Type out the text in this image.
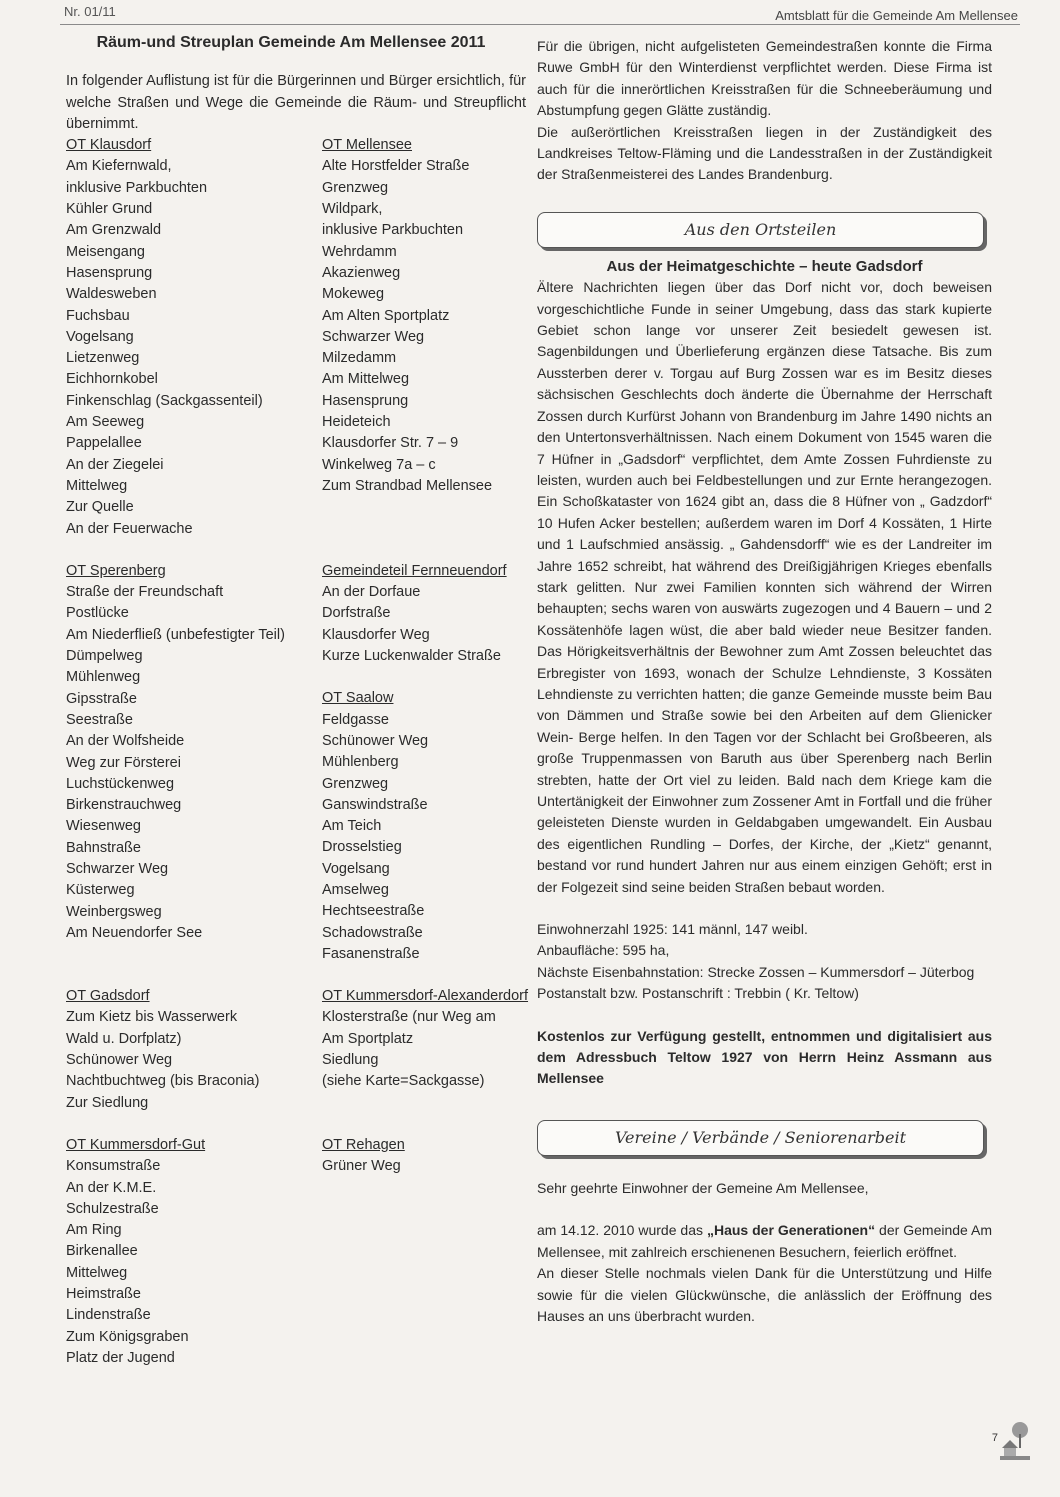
Nr. 01/11	Amtsblatt für die Gemeinde Am Mellensee
Räum-und Streuplan Gemeinde Am Mellensee 2011

In folgender Auflistung ist für die Bürgerinnen und Bürger ersichtlich, für welche Straßen und Wege die Gemeinde die Räum- und Streupflicht übernimmt.

OT Klausdorf
Am Kiefernwald,
inklusive Parkbuchten
Kühler Grund
Am Grenzwald
Meisengang
Hasensprung
Waldesweben
Fuchsbau
Vogelsang
Lietzenweg
Eichhornkobel
Finkenschlag (Sackgassenteil)
Am Seeweg
Pappelallee
An der Ziegelei
Mittelweg
Zur Quelle
An der Feuerwache
OT Mellensee
Alte Horstfelder Straße
Grenzweg
Wildpark,
inklusive Parkbuchten
Wehrdamm
Akazienweg
Mokeweg
Am Alten Sportplatz
Schwarzer Weg
Milzedamm
Am Mittelweg
Hasensprung
Heideteich
Klausdorfer Str. 7 – 9
Winkelweg 7a – c
Zum Strandbad Mellensee
OT Sperenberg
Straße der Freundschaft
Postlücke
Am Niederfließ (unbefestigter Teil)
Dümpelweg
Mühlenweg
Gipsstraße
Seestraße
An der Wolfsheide
Weg zur Försterei
Luchstückenweg
Birkenstrauchweg
Wiesenweg
Bahnstraße
Schwarzer Weg
Küsterweg
Weinbergsweg
Am Neuendorfer See
Gemeindeteil Fernneuendorf
An der Dorfaue
Dorfstraße
Klausdorfer Weg
Kurze Luckenwalder Straße
OT Saalow
Feldgasse
Schünower Weg
Mühlenberg
Grenzweg
Ganswindstraße
Am Teich
Drosselstieg
Vogelsang
Amselweg
Hechtseestraße
Schadowstraße
Fasanenstraße
OT Gadsdorf
Zum Kietz bis Wasserwerk
Wald u. Dorfplatz)
Schünower Weg
Nachtbuchtweg (bis Braconia)
Zur Siedlung
OT Kummersdorf-Alexanderdorf
Klosterstraße (nur Weg am
Am Sportplatz
Siedlung
(siehe Karte=Sackgasse)
OT Kummersdorf-Gut
Konsumstraße
An der K.M.E.
Schulzestraße
Am Ring
Birkenallee
Mittelweg
Heimstraße
Lindenstraße
Zum Königsgraben
Platz der Jugend
OT Rehagen
Grüner Weg

Für die übrigen, nicht aufgelisteten Gemeindestraßen konnte die Firma Ruwe GmbH für den Winterdienst verpflichtet werden. Diese Firma ist auch für die innerörtlichen Kreisstraßen für die Schneeberäumung und Abstumpfung gegen Glätte zuständig.

Die außerörtlichen Kreisstraßen liegen in der Zuständigkeit des Landkreises Teltow-Fläming und die Landesstraßen in der Zuständigkeit der Straßenmeisterei des Landes Brandenburg.

Aus den Ortsteilen
Aus der Heimatgeschichte – heute Gadsdorf

Ältere Nachrichten liegen über das Dorf nicht vor, doch beweisen vorgeschichtliche Funde in seiner Umgebung, dass das stark kupierte Gebiet schon lange vor unserer Zeit besiedelt gewesen ist. Sagenbildungen und Überlieferung ergänzen diese Tatsache. Bis zum Aussterben derer v. Torgau auf Burg Zossen war es im Besitz dieses sächsischen Geschlechts doch änderte die Übernahme der Herrschaft Zossen durch Kurfürst Johann von Brandenburg im Jahre 1490 nichts an den Untertonsverhältnissen. Nach einem Dokument von 1545 waren die 7 Hüfner in „Gadsdorf“ verpflichtet, dem Amte Zossen Fuhrdienste zu leisten, wurden auch bei Feldbestellungen und zur Ernte herangezogen. Ein Schoßkataster von 1624 gibt an, dass die 8 Hüfner von „ Gadzdorf“ 10 Hufen Acker bestellen; außerdem waren im Dorf 4 Kossäten, 1 Hirte und 1 Laufschmied ansässig. „ Gahdensdorff“ wie es der Landreiter im Jahre 1652 schreibt, hat während des Dreißigjährigen Krieges ebenfalls stark gelitten. Nur zwei Familien konnten sich während der Wirren behaupten; sechs waren von auswärts zugezogen und 4 Bauern – und 2 Kossätenhöfe lagen wüst, die aber bald wieder neue Besitzer fanden. Das Hörigkeitsverhältnis der Bewohner zum Amt Zossen beleuchtet das Erbregister von 1693, wonach der Schulze Lehndienste, 3 Kossäten Lehndienste zu verrichten hatten; die ganze Gemeinde musste beim Bau von Dämmen und Straße sowie bei den Arbeiten auf dem Glienicker Wein- Berge helfen. In den Tagen vor der Schlacht bei Großbeeren, als große Truppenmassen von Baruth aus über Sperenberg nach Berlin strebten, hatte der Ort viel zu leiden. Bald nach dem Kriege kam die Untertänigkeit der Einwohner zum Zossener Amt in Fortfall und die früher geleisteten Dienste wurden in Geldabgaben umgewandelt. Ein Ausbau des eigentlichen Rundling – Dorfes, der Kirche, der „Kietz“ genannt, bestand vor rund hundert Jahren nur aus einem einzigen Gehöft; erst in der Folgezeit sind seine beiden Straßen bebaut worden.

Einwohnerzahl 1925: 141 männl, 147 weibl.
Anbaufläche: 595 ha,
Nächste Eisenbahnstation: Strecke Zossen – Kummersdorf – Jüterbog
Postanstalt bzw. Postanschrift : Trebbin ( Kr. Teltow)

Kostenlos zur Verfügung gestellt, entnommen und digitalisiert aus dem Adressbuch Teltow 1927 von Herrn Heinz Assmann aus Mellensee

Vereine / Verbände / Seniorenarbeit

Sehr geehrte Einwohner der Gemeine Am Mellensee,

am 14.12. 2010 wurde das „Haus der Generationen“ der Gemeinde Am Mellensee, mit zahlreich erschienenen Besuchern, feierlich eröffnet.

An dieser Stelle nochmals vielen Dank für die Unterstützung und Hilfe sowie für die vielen Glückwünsche, die anlässlich der Eröffnung des Hauses an uns überbracht wurden.

7
